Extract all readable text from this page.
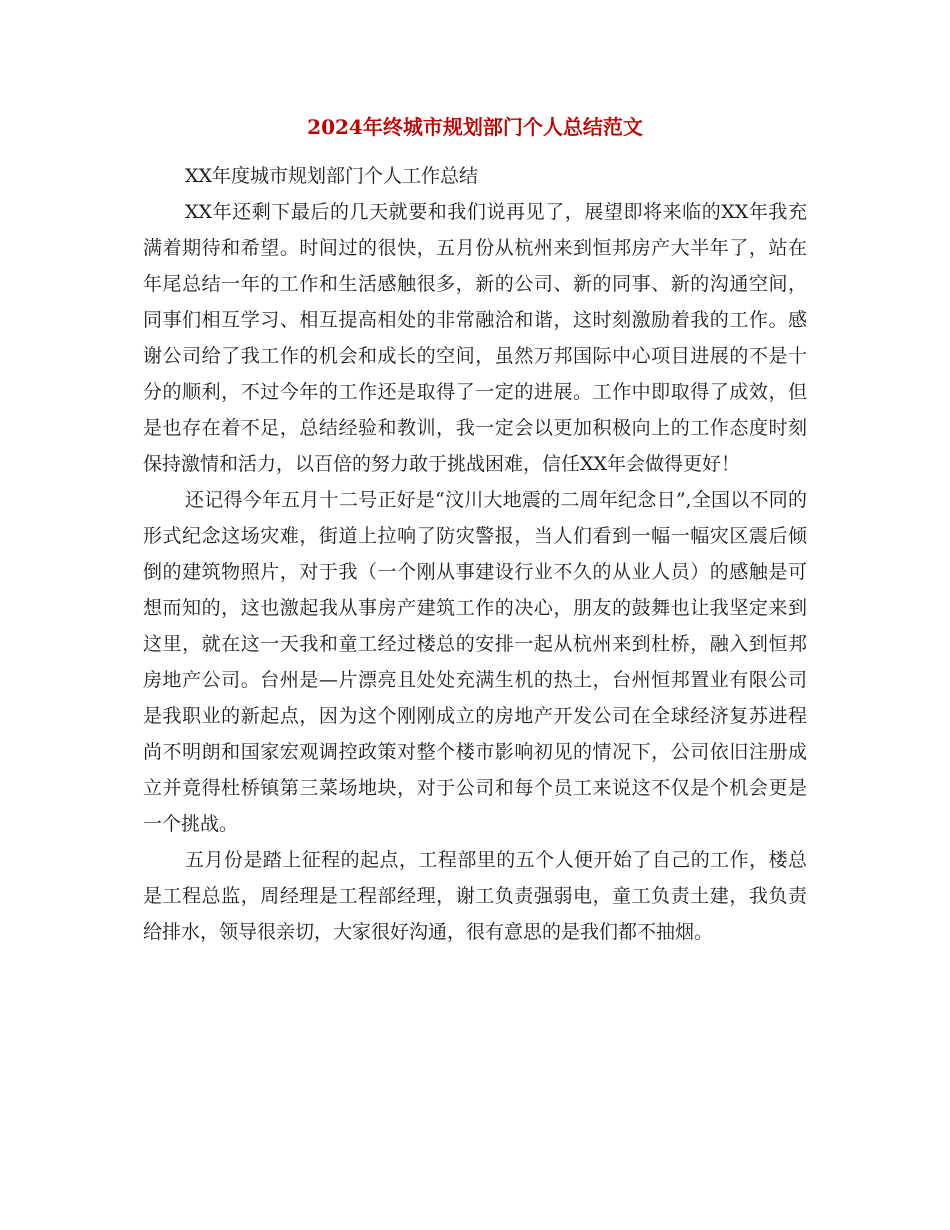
2024年终城市规划部门个人总结范文

XX年度城市规划部门个人工作总结

XX年还剩下最后的几天就要和我们说再见了，展望即将来临的XX年我充满着期待和希望。时间过的很快，五月份从杭州来到恒邦房产大半年了，站在年尾总结一年的工作和生活感触很多，新的公司、新的同事、新的沟通空间，同事们相互学习、相互提高相处的非常融洽和谐，这时刻激励着我的工作。感谢公司给了我工作的机会和成长的空间，虽然万邦国际中心项目进展的不是十分的顺利，不过今年的工作还是取得了一定的进展。工作中即取得了成效，但是也存在着不足，总结经验和教训，我一定会以更加积极向上的工作态度时刻保持激情和活力，以百倍的努力敢于挑战困难，信任XX年会做得更好！

还记得今年五月十二号正好是“汶川大地震的二周年纪念日”,全国以不同的形式纪念这场灾难，街道上拉响了防灾警报，当人们看到一幅一幅灾区震后倾倒的建筑物照片，对于我（一个刚从事建设行业不久的从业人员）的感触是可想而知的，这也激起我从事房产建筑工作的决心，朋友的鼓舞也让我坚定来到这里，就在这一天我和童工经过楼总的安排一起从杭州来到杜桥，融入到恒邦房地产公司。台州是—片漂亮且处处充满生机的热土，台州恒邦置业有限公司是我职业的新起点，因为这个刚刚成立的房地产开发公司在全球经济复苏进程尚不明朗和国家宏观调控政策对整个楼市影响初见的情况下，公司依旧注册成立并竟得杜桥镇第三菜场地块，对于公司和每个员工来说这不仅是个机会更是一个挑战。

五月份是踏上征程的起点，工程部里的五个人便开始了自己的工作，楼总是工程总监，周经理是工程部经理，谢工负责强弱电，童工负责土建，我负责给排水，领导很亲切，大家很好沟通，很有意思的是我们都不抽烟。
